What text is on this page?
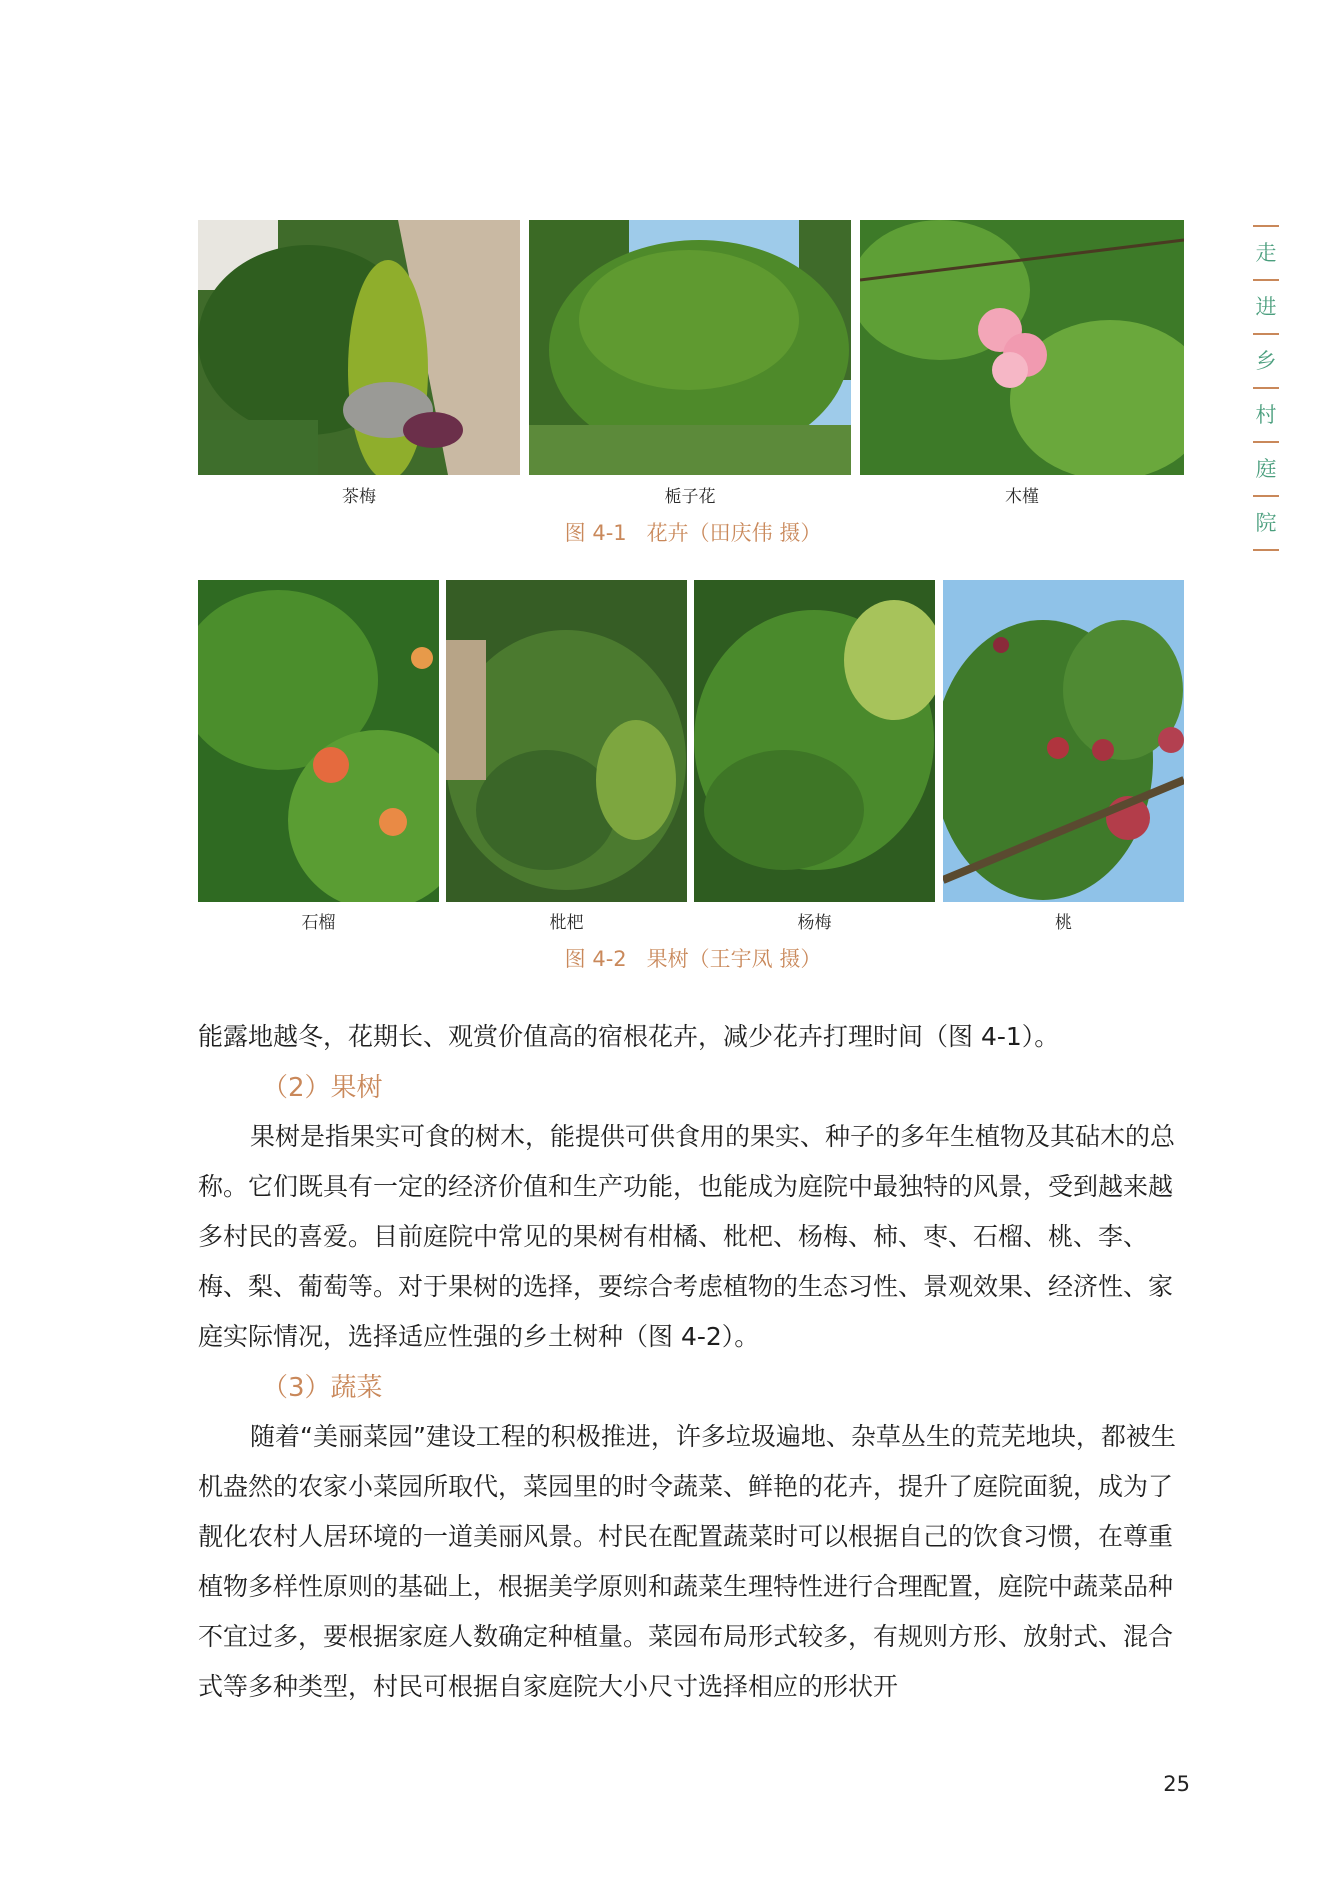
走
进
乡
村
庭
院
茶梅	栀子花	木槿
图 4-1 花卉（田庆伟 摄）
石榴	枇杷	杨梅	桃
图 4-2 果树（王宇凤 摄）
能露地越冬，花期长、观赏价值高的宿根花卉，减少花卉打理时间（图 4-1）。
（2）果树
果树是指果实可食的树木，能提供可供食用的果实、种子的多年生植物及其砧木的总称。它们既具有一定的经济价值和生产功能，也能成为庭院中最独特的风景，受到越来越多村民的喜爱。目前庭院中常见的果树有柑橘、枇杷、杨梅、柿、枣、石榴、桃、李、梅、梨、葡萄等。对于果树的选择，要综合考虑植物的生态习性、景观效果、经济性、家庭实际情况，选择适应性强的乡土树种（图 4-2）。
（3）蔬菜
随着“美丽菜园”建设工程的积极推进，许多垃圾遍地、杂草丛生的荒芜地块，都被生机盎然的农家小菜园所取代，菜园里的时令蔬菜、鲜艳的花卉，提升了庭院面貌，成为了靓化农村人居环境的一道美丽风景。村民在配置蔬菜时可以根据自己的饮食习惯，在尊重植物多样性原则的基础上，根据美学原则和蔬菜生理特性进行合理配置，庭院中蔬菜品种不宜过多，要根据家庭人数确定种植量。菜园布局形式较多，有规则方形、放射式、混合式等多种类型，村民可根据自家庭院大小尺寸选择相应的形状开
25
